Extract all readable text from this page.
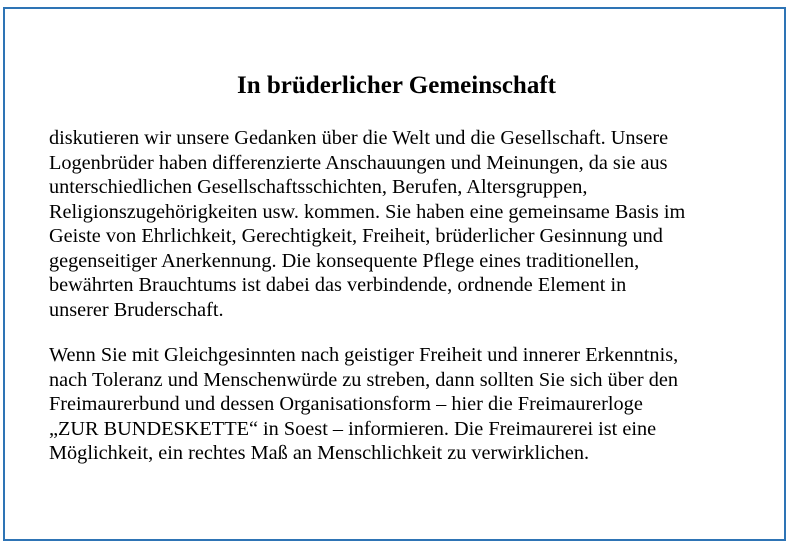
In brüderlicher Gemeinschaft
diskutieren wir unsere Gedanken über die Welt und die Gesellschaft. Unsere
Logenbrüder haben differenzierte Anschauungen und Meinungen, da sie aus
unterschiedlichen Gesellschaftsschichten, Berufen, Altersgruppen,
Religionszugehörigkeiten usw. kommen. Sie haben eine gemeinsame Basis im
Geiste von Ehrlichkeit, Gerechtigkeit, Freiheit, brüderlicher Gesinnung und
gegenseitiger Anerkennung. Die konsequente Pflege eines traditionellen,
bewährten Brauchtums ist dabei das verbindende, ordnende Element in
unserer Bruderschaft.
Wenn Sie mit Gleichgesinnten nach geistiger Freiheit und innerer Erkenntnis,
nach Toleranz und Menschenwürde zu streben, dann sollten Sie sich über den
Freimaurerbund und dessen Organisationsform – hier die Freimaurerloge
„ZUR BUNDESKETTE“ in Soest – informieren. Die Freimaurerei ist eine
Möglichkeit, ein rechtes Maß an Menschlichkeit zu verwirklichen.
